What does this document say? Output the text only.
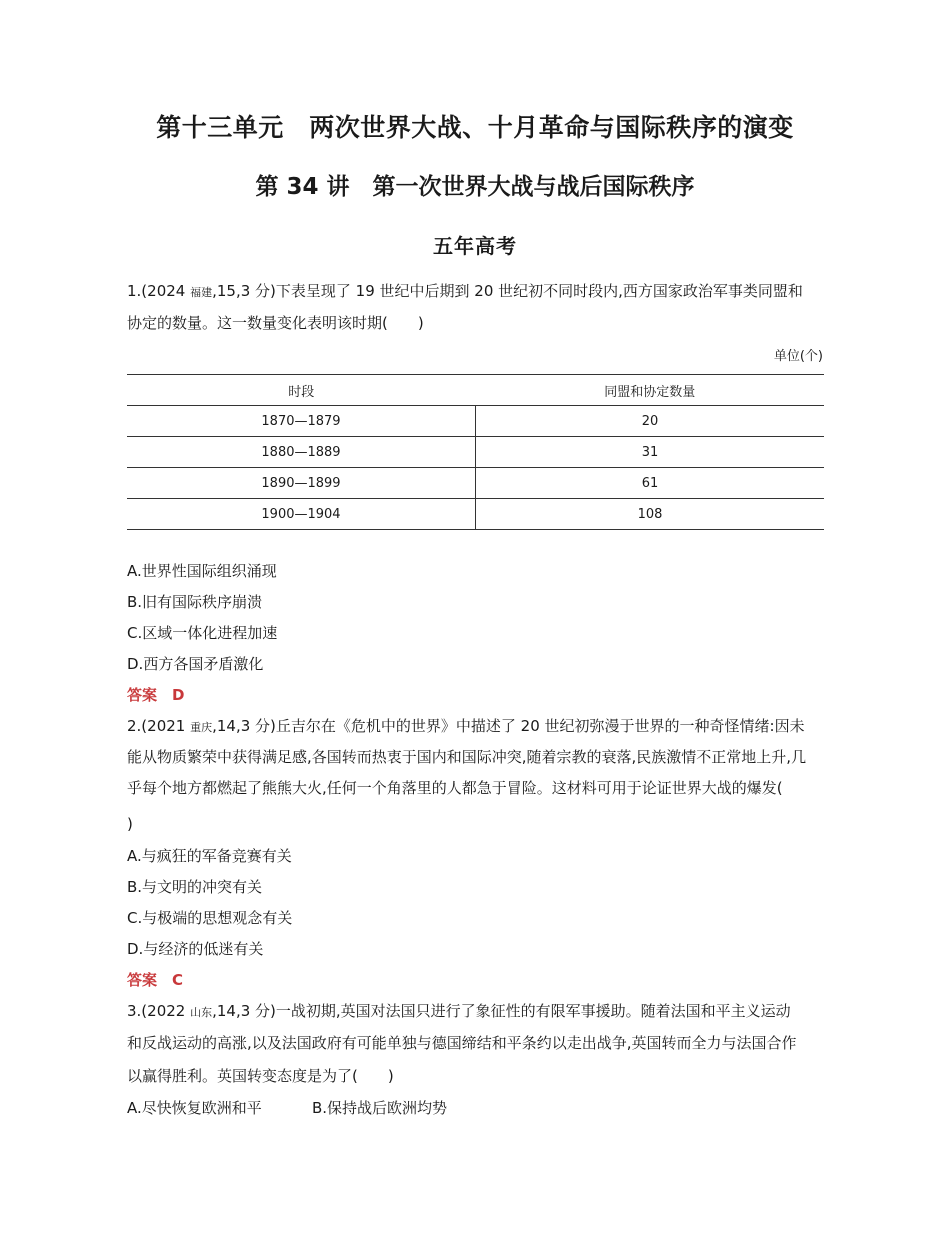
第十三单元　两次世界大战、十月革命与国际秩序的演变
第 34 讲　第一次世界大战与战后国际秩序
五年高考
1.(2024 福建,15,3 分)下表呈现了 19 世纪中后期到 20 世纪初不同时段内,西方国家政治军事类同盟和
协定的数量。这一数量变化表明该时期(　　)
单位(个)
时段	同盟和协定数量
1870—1879	20
1880—1889	31
1890—1899	61
1900—1904	108
A.世界性国际组织涌现
B.旧有国际秩序崩溃
C.区域一体化进程加速
D.西方各国矛盾激化
答案　D
2.(2021 重庆,14,3 分)丘吉尔在《危机中的世界》中描述了 20 世纪初弥漫于世界的一种奇怪情绪:因未
能从物质繁荣中获得满足感,各国转而热衷于国内和国际冲突,随着宗教的衰落,民族激情不正常地上升,几
乎每个地方都燃起了熊熊大火,任何一个角落里的人都急于冒险。这材料可用于论证世界大战的爆发(
)
A.与疯狂的军备竞赛有关
B.与文明的冲突有关
C.与极端的思想观念有关
D.与经济的低迷有关
答案　C
3.(2022 山东,14,3 分)一战初期,英国对法国只进行了象征性的有限军事援助。随着法国和平主义运动
和反战运动的高涨,以及法国政府有可能单独与德国缔结和平条约以走出战争,英国转而全力与法国合作
以赢得胜利。英国转变态度是为了(　　)
A.尽快恢复欧洲和平	B.保持战后欧洲均势
